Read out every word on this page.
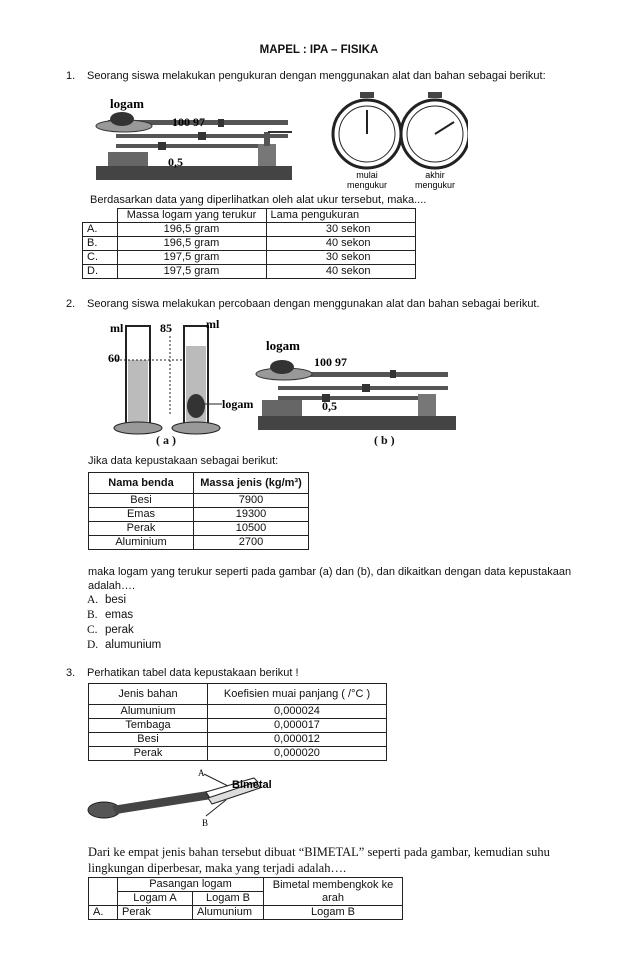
MAPEL : IPA – FISIKA
1. Seorang siswa melakukan pengukuran dengan menggunakan alat dan bahan sebagai berikut:
logam
100 97
0,5
mulai
mengukur
akhir
mengukur
Berdasarkan data yang diperlihatkan oleh alat ukur tersebut, maka....
	Massa logam yang terukur	Lama pengukuran
A.	196,5 gram	30 sekon
B.	196,5 gram	40 sekon
C.	197,5 gram	30 sekon
D.	197,5 gram	40 sekon
2. Seorang siswa melakukan percobaan dengan menggunakan alat dan bahan sebagai berikut.
ml	ml
85
60
logam
logam
100 97
0,5
( a )	( b )
Jika data kepustakaan sebagai berikut:
Nama benda	Massa jenis (kg/m³)
Besi	7900
Emas	19300
Perak	10500
Aluminium	2700
maka logam yang terukur seperti pada gambar (a) dan (b), dan dikaitkan dengan data kepustakaan
adalah….
A. besi
B. emas
C. perak
D. alumunium
3. Perhatikan tabel data kepustakaan berikut !
Jenis bahan	Koefisien muai panjang ( /°C )
Alumunium	0,000024
Tembaga	0,000017
Besi	0,000012
Perak	0,000020
A
B
Bimetal
Dari ke empat jenis bahan tersebut dibuat “BIMETAL” seperti pada gambar, kemudian suhu
lingkungan diperbesar, maka yang terjadi adalah….
	Pasangan logam		Bimetal membengkok ke arah
	Logam A	Logam B	
A.	Perak	Alumunium	Logam B
